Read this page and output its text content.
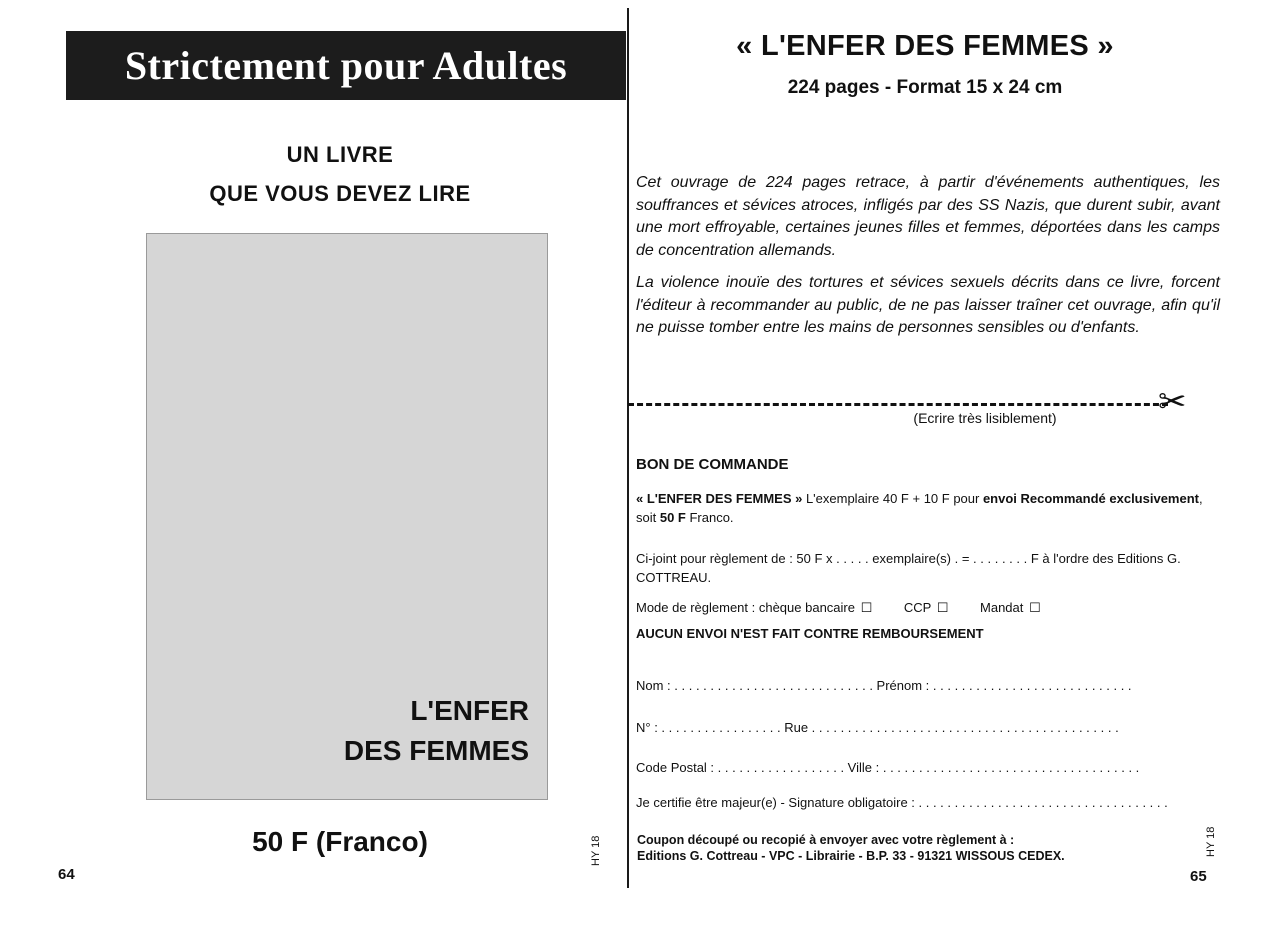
Strictement pour Adultes
UN LIVRE
QUE VOUS DEVEZ LIRE
L'ENFER
DES FEMMES
50 F (Franco)	HY 18
64
« L'ENFER DES FEMMES »
224 pages - Format 15 x 24 cm
Cet ouvrage de 224 pages retrace, à partir d'événements authentiques, les souffrances et sévices atroces, infligés par des SS Nazis, que durent subir, avant une mort effroyable, certaines jeunes filles et femmes, déportées dans les camps de concentration allemands.
La violence inouïe des tortures et sévices sexuels décrits dans ce livre, forcent l'éditeur à recommander au public, de ne pas laisser traîner cet ouvrage, afin qu'il ne puisse tomber entre les mains de personnes sensibles ou d'enfants.
✂
(Ecrire très lisiblement)
BON DE COMMANDE
« L'ENFER DES FEMMES » L'exemplaire 40 F + 10 F pour envoi Recommandé exclusivement, soit 50 F Franco.
Ci-joint pour règlement de : 50 F x . . . . . exemplaire(s) . = . . . . . . . . F à l'ordre des Editions G. COTTREAU.
Mode de règlement : chèque bancaire ☐ CCP ☐ Mandat ☐
AUCUN ENVOI N'EST FAIT CONTRE REMBOURSEMENT
Nom : . . . . . . . . . . . . . . . . . . . . . . . . . . . . Prénom : . . . . . . . . . . . . . . . . . . . . . . . . . . . .
N° : . . . . . . . . . . . . . . . . . Rue . . . . . . . . . . . . . . . . . . . . . . . . . . . . . . . . . . . . . . . . . . .
Code Postal : . . . . . . . . . . . . . . . . . . Ville : . . . . . . . . . . . . . . . . . . . . . . . . . . . . . . . . . . . .
Je certifie être majeur(e) - Signature obligatoire : . . . . . . . . . . . . . . . . . . . . . . . . . . . . . . . . . . .
Coupon découpé ou recopié à envoyer avec votre règlement à :
Editions G. Cottreau - VPC - Librairie - B.P. 33 - 91321 WISSOUS CEDEX.	HY 18
65
